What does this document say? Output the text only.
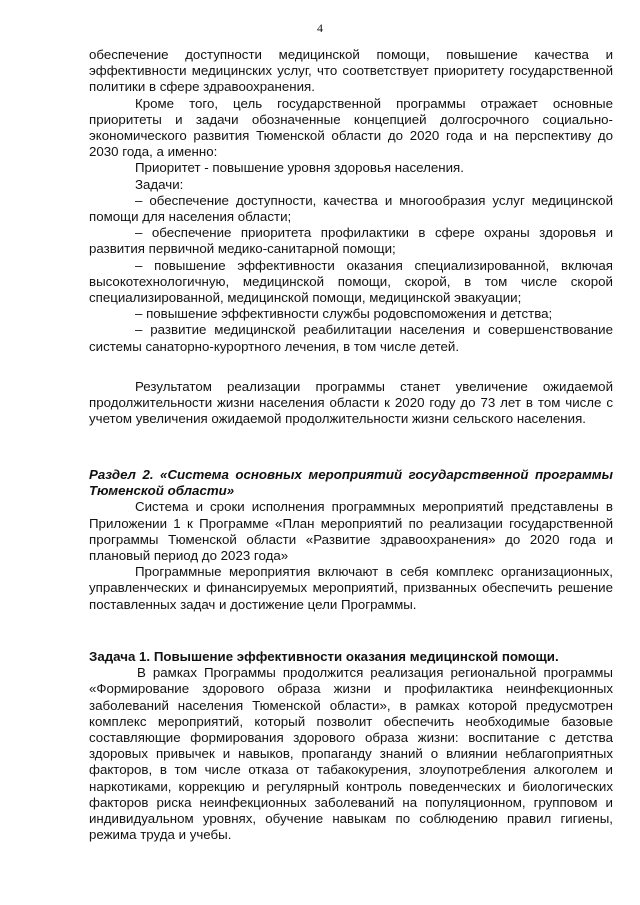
4

обеспечение доступности медицинской помощи, повышение качества и эффективности медицинских услуг, что соответствует приоритету государственной политики в сфере здравоохранения.

Кроме того, цель государственной программы отражает основные приоритеты и задачи обозначенные концепцией долгосрочного социально-экономического развития Тюменской области до 2020 года и на перспективу до 2030 года, а именно:

Приоритет - повышение уровня здоровья населения.

Задачи:

– обеспечение доступности, качества и многообразия услуг медицинской помощи для населения области;

– обеспечение приоритета профилактики в сфере охраны здоровья и развития первичной медико-санитарной помощи;

– повышение эффективности оказания специализированной, включая высокотехнологичную, медицинской помощи, скорой, в том числе скорой специализированной, медицинской помощи, медицинской эвакуации;

– повышение эффективности службы родовспоможения и детства;

– развитие медицинской реабилитации населения и совершенствование системы санаторно-курортного лечения, в том числе детей.

Результатом реализации программы станет увеличение ожидаемой продолжительности жизни населения области к 2020 году до 73 лет в том числе с учетом увеличения ожидаемой продолжительности жизни сельского населения.

Раздел 2. «Система основных мероприятий государственной программы Тюменской области»

Система и сроки исполнения программных мероприятий представлены в Приложении 1 к Программе «План мероприятий по реализации государственной программы Тюменской области «Развитие здравоохранения» до 2020 года и плановый период до 2023 года»

Программные мероприятия включают в себя комплекс организационных, управленческих и финансируемых мероприятий, призванных обеспечить решение поставленных задач и достижение цели Программы.

Задача 1. Повышение эффективности оказания медицинской помощи.

В рамках Программы продолжится реализация региональной программы «Формирование здорового образа жизни и профилактика неинфекционных заболеваний населения Тюменской области», в рамках которой предусмотрен комплекс мероприятий, который позволит обеспечить необходимые базовые составляющие формирования здорового образа жизни: воспитание с детства здоровых привычек и навыков, пропаганду знаний о влиянии неблагоприятных факторов, в том числе отказа от табакокурения, злоупотребления алкоголем и наркотиками, коррекцию и регулярный контроль поведенческих и биологических факторов риска неинфекционных заболеваний на популяционном, групповом и индивидуальном уровнях, обучение навыкам по соблюдению правил гигиены, режима труда и учебы.
